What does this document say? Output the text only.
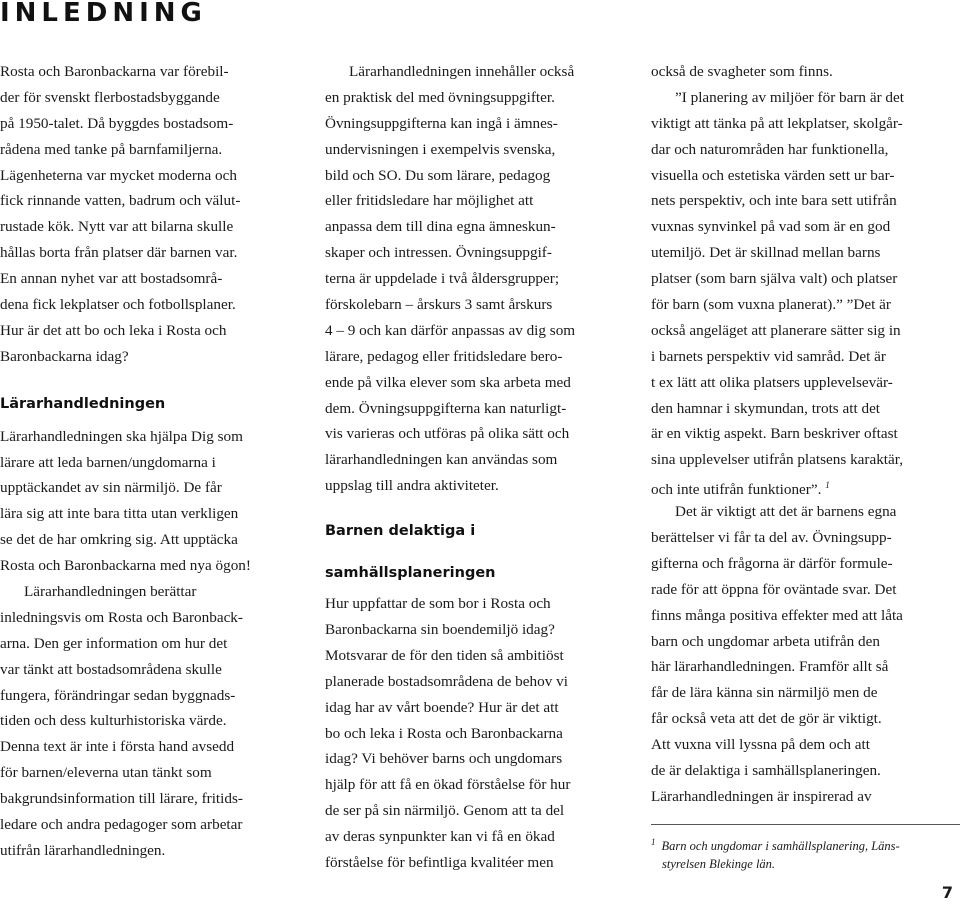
INLEDNING
Rosta och Baronbackarna var förebil-
der för svenskt flerbostadsbyggande
på 1950-talet. Då byggdes bostadsom-
rådena med tanke på barnfamiljerna.
Lägenheterna var mycket moderna och
fick rinnande vatten, badrum och välut-
rustade kök. Nytt var att bilarna skulle
hållas borta från platser där barnen var.
En annan nyhet var att bostadsområ-
dena fick lekplatser och fotbollsplaner.
Hur är det att bo och leka i Rosta och
Baronbackarna idag?
Lärarhandledningen
Lärarhandledningen ska hjälpa Dig som
lärare att leda barnen/ungdomarna i
upptäckandet av sin närmiljö. De får
lära sig att inte bara titta utan verkligen
se det de har omkring sig. Att upptäcka
Rosta och Baronbackarna med nya ögon!
Lärarhandledningen berättar
inledningsvis om Rosta och Baronback-
arna. Den ger information om hur det
var tänkt att bostadsområdena skulle
fungera, förändringar sedan byggnads-
tiden och dess kulturhistoriska värde.
Denna text är inte i första hand avsedd
för barnen/eleverna utan tänkt som
bakgrundsinformation till lärare, fritids-
ledare och andra pedagoger som arbetar
utifrån lärarhandledningen.
Lärarhandledningen innehåller också
en praktisk del med övningsuppgifter.
Övningsuppgifterna kan ingå i ämnes-
undervisningen i exempelvis svenska,
bild och SO. Du som lärare, pedagog
eller fritidsledare har möjlighet att
anpassa dem till dina egna ämneskun-
skaper och intressen. Övningsuppgif-
terna är uppdelade i två åldersgrupper;
förskolebarn – årskurs 3 samt årskurs
4 – 9 och kan därför anpassas av dig som
lärare, pedagog eller fritidsledare bero-
ende på vilka elever som ska arbeta med
dem. Övningsuppgifterna kan naturligt-
vis varieras och utföras på olika sätt och
lärarhandledningen kan användas som
uppslag till andra aktiviteter.
Barnen delaktiga i
samhällsplaneringen
Hur uppfattar de som bor i Rosta och
Baronbackarna sin boendemiljö idag?
Motsvarar de för den tiden så ambitiöst
planerade bostadsområdena de behov vi
idag har av vårt boende? Hur är det att
bo och leka i Rosta och Baronbackarna
idag? Vi behöver barns och ungdomars
hjälp för att få en ökad förståelse för hur
de ser på sin närmiljö. Genom att ta del
av deras synpunkter kan vi få en ökad
förståelse för befintliga kvalitéer men
också de svagheter som finns.
”I planering av miljöer för barn är det
viktigt att tänka på att lekplatser, skolgår-
dar och naturområden har funktionella,
visuella och estetiska värden sett ur bar-
nets perspektiv, och inte bara sett utifrån
vuxnas synvinkel på vad som är en god
utemiljö. Det är skillnad mellan barns
platser (som barn själva valt) och platser
för barn (som vuxna planerat).” ”Det är
också angeläget att planerare sätter sig in
i barnets perspektiv vid samråd. Det är
t ex lätt att olika platsers upplevelsevär-
den hamnar i skymundan, trots att det
är en viktig aspekt. Barn beskriver oftast
sina upplevelser utifrån platsens karaktär,
och inte utifrån funktioner”. $^1$
Det är viktigt att det är barnens egna
berättelser vi får ta del av. Övningsupp-
gifterna och frågorna är därför formule-
rade för att öppna för oväntade svar. Det
finns många positiva effekter med att låta
barn och ungdomar arbeta utifrån den
här lärarhandledningen. Framför allt så
får de lära känna sin närmiljö men de
får också veta att det de gör är viktigt.
Att vuxna vill lyssna på dem och att
de är delaktiga i samhällsplaneringen.
Lärarhandledningen är inspirerad av
$^1$ Barn och ungdomar i samhällsplanering, Läns-
styrelsen Blekinge län.
7
